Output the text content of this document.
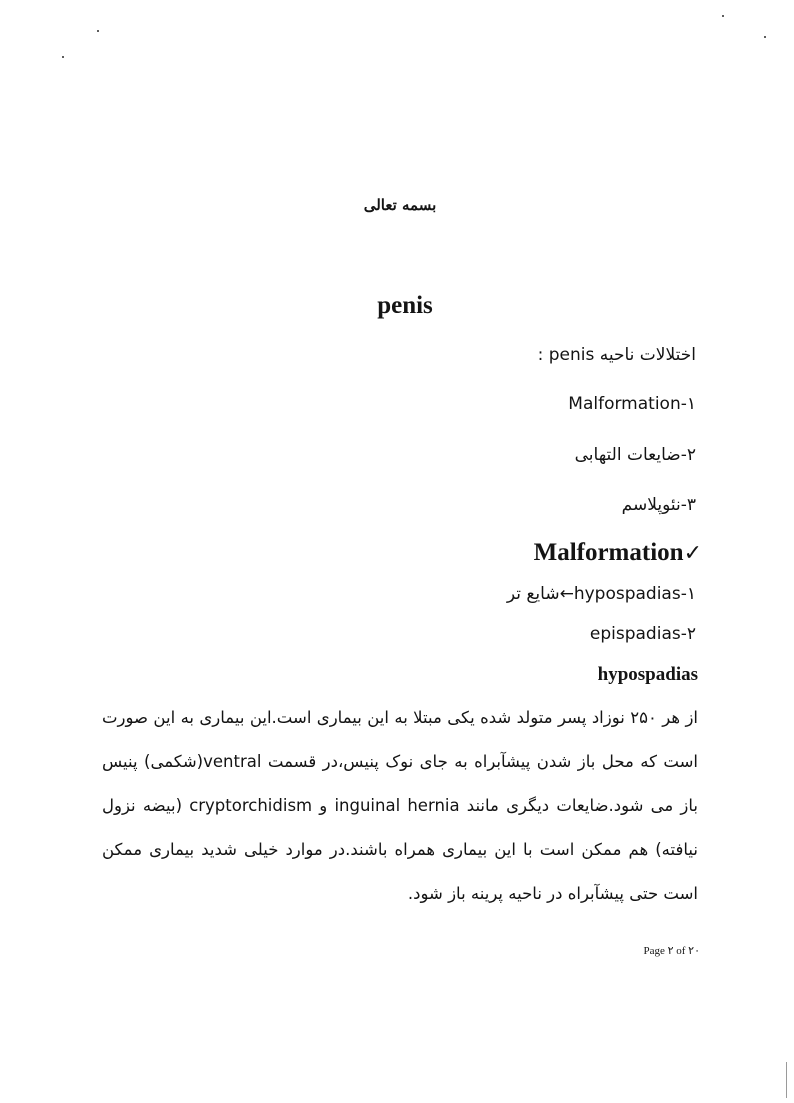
بسمه تعالی
penis
اختلالات ناحیه penis :
Malformation-۱
۲-ضایعات التهابی
۳-نئوپلاسم
Malformation✓
۱-hypospadias←شایع تر
۲-epispadias
hypospadias
از هر ۲۵۰ نوزاد پسر متولد شده یکی مبتلا به این بیماری است.این بیماری به این صورت است که محل باز شدن پیشآبراه به جای نوک پنیس،در قسمت ventral(شکمی) پنیس باز می شود.ضایعات دیگری مانند inguinal hernia و cryptorchidism (بیضه نزول نیافته) هم ممکن است با این بیماری همراه باشند.در موارد خیلی شدید بیماری ممکن است حتی پیشآبراه در ناحیه پرینه باز شود.
Page ۲ of ۲۰
